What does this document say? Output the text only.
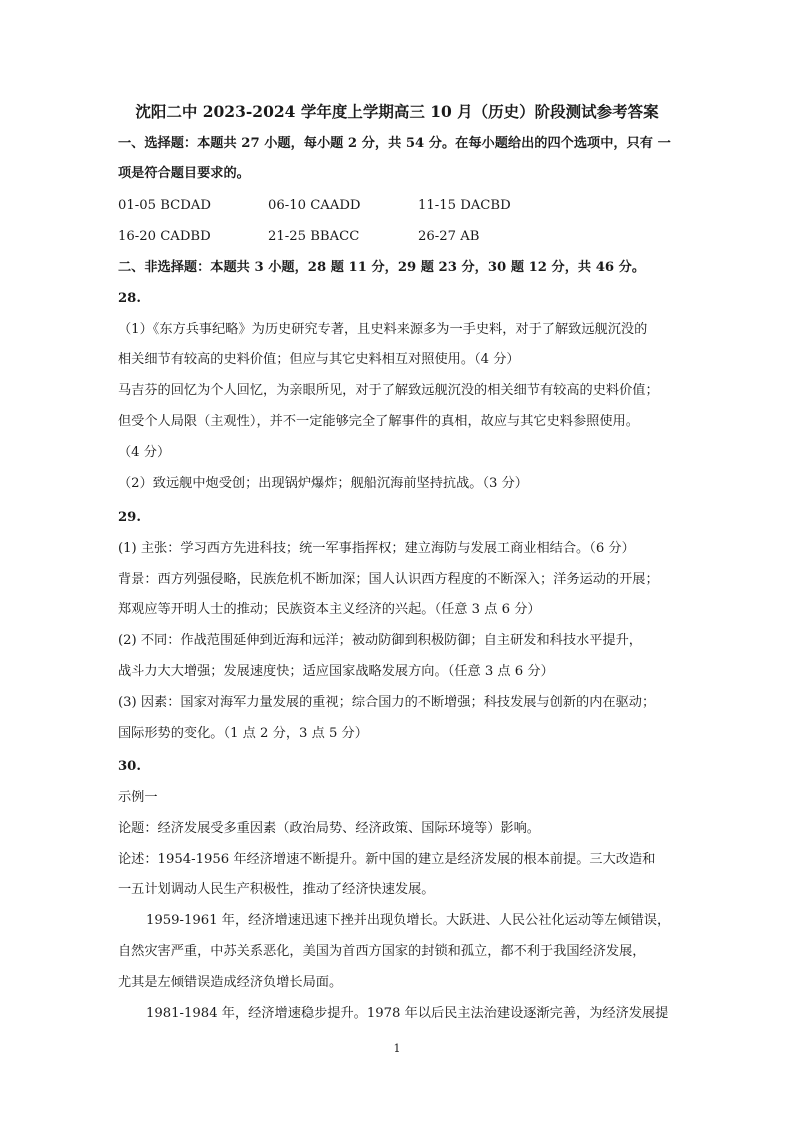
沈阳二中 2023-2024 学年度上学期高三 10 月（历史）阶段测试参考答案
一、选择题：本题共 27 小题，每小题 2 分，共 54 分。在每小题给出的四个选项中，只有 一
项是符合题目要求的。
01-05 BCDAD	06-10 CAADD	11-15 DACBD
16-20 CADBD	21-25 BBACC	26-27 AB
二、非选择题：本题共 3 小题，28 题 11 分，29 题 23 分，30 题 12 分，共 46 分。
28.
（1）《东方兵事纪略》为历史研究专著，且史料来源多为一手史料，对于了解致远舰沉没的
相关细节有较高的史料价值；但应与其它史料相互对照使用。（4 分）
马吉芬的回忆为个人回忆，为亲眼所见，对于了解致远舰沉没的相关细节有较高的史料价值；
但受个人局限（主观性），并不一定能够完全了解事件的真相，故应与其它史料参照使用。
（4 分）
（2）致远舰中炮受创；出现锅炉爆炸；舰船沉海前坚持抗战。（3 分）
29.
(1) 主张：学习西方先进科技；统一军事指挥权；建立海防与发展工商业相结合。（6 分）
背景：西方列强侵略，民族危机不断加深；国人认识西方程度的不断深入；洋务运动的开展；
郑观应等开明人士的推动；民族资本主义经济的兴起。（任意 3 点 6 分）
(2) 不同：作战范围延伸到近海和远洋；被动防御到积极防御；自主研发和科技水平提升，
战斗力大大增强；发展速度快；适应国家战略发展方向。（任意 3 点 6 分）
(3) 因素：国家对海军力量发展的重视；综合国力的不断增强；科技发展与创新的内在驱动；
国际形势的变化。（1 点 2 分，3 点 5 分）
30.
示例一
论题：经济发展受多重因素（政治局势、经济政策、国际环境等）影响。
论述：1954-1956 年经济增速不断提升。新中国的建立是经济发展的根本前提。三大改造和
一五计划调动人民生产积极性，推动了经济快速发展。
1959-1961 年，经济增速迅速下挫并出现负增长。大跃进、人民公社化运动等左倾错误，
自然灾害严重，中苏关系恶化，美国为首西方国家的封锁和孤立，都不利于我国经济发展，
尤其是左倾错误造成经济负增长局面。
1981-1984 年，经济增速稳步提升。1978 年以后民主法治建设逐渐完善，为经济发展提
1
